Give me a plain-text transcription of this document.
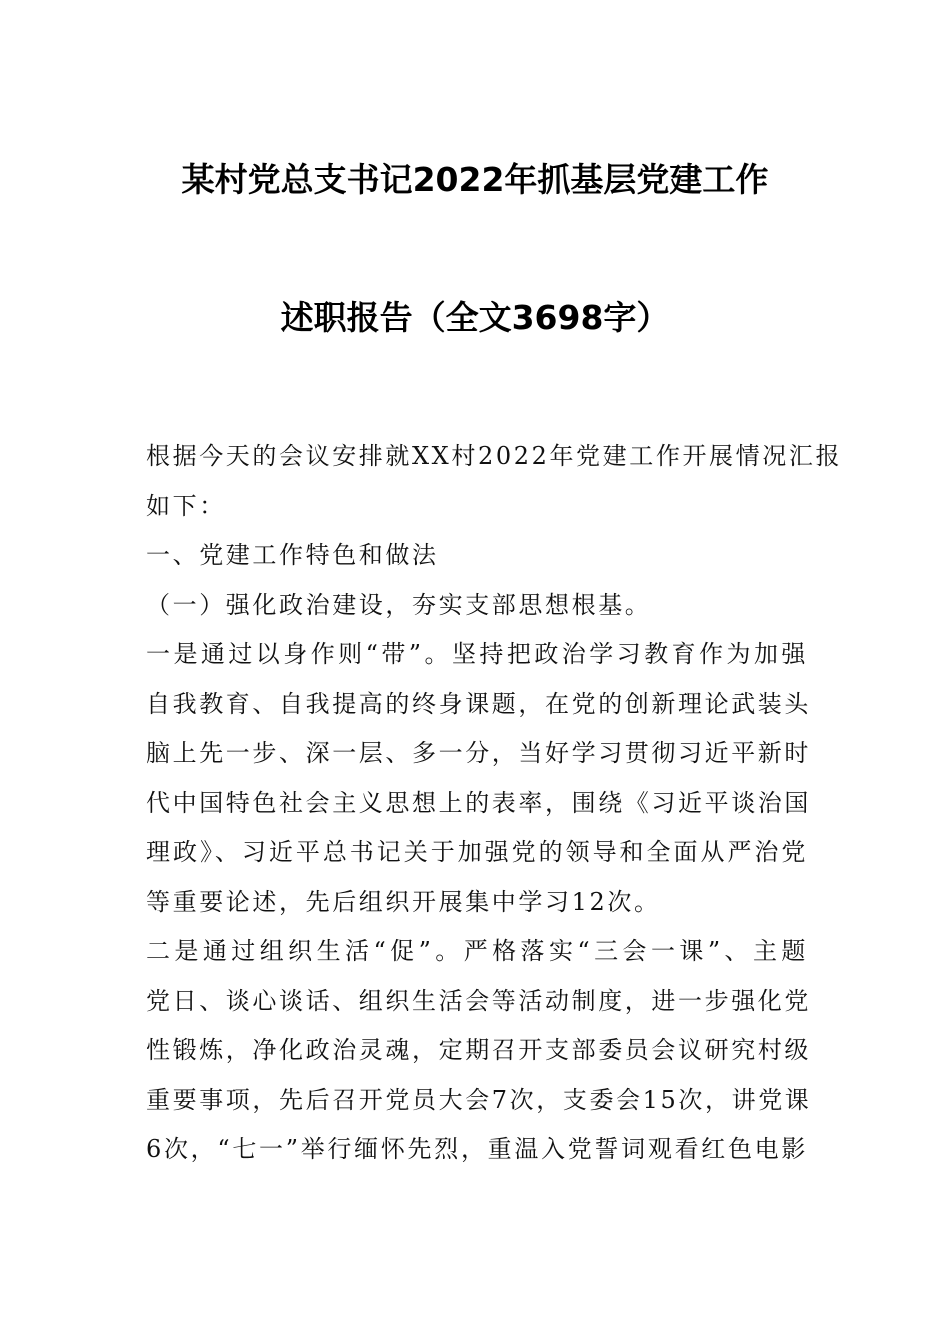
某村党总支书记2022年抓基层党建工作
述职报告（全文3698字）
根据今天的会议安排就XX村2022年党建工作开展情况汇报
如下：
一、党建工作特色和做法
（一）强化政治建设，夯实支部思想根基。
一是通过以身作则“带”。坚持把政治学习教育作为加强
自我教育、自我提高的终身课题，在党的创新理论武装头
脑上先一步、深一层、多一分，当好学习贯彻习近平新时
代中国特色社会主义思想上的表率，围绕《习近平谈治国
理政》、习近平总书记关于加强党的领导和全面从严治党
等重要论述，先后组织开展集中学习12次。
二是通过组织生活“促”。严格落实“三会一课”、主题
党日、谈心谈话、组织生活会等活动制度，进一步强化党
性锻炼，净化政治灵魂，定期召开支部委员会议研究村级
重要事项，先后召开党员大会7次，支委会15次，讲党课
6次，“七一”举行缅怀先烈，重温入党誓词观看红色电影
